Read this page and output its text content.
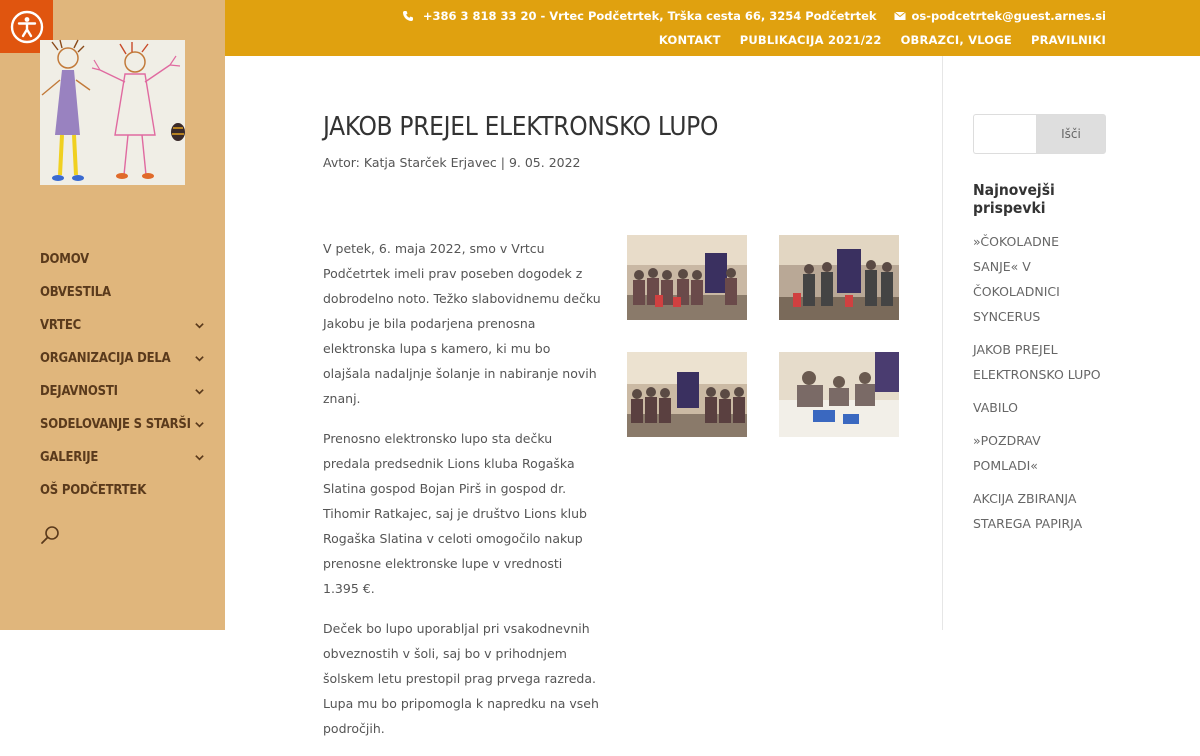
DOMOV
OBVESTILA
VRTEC
ORGANIZACIJA DELA
DEJAVNOSTI
SODELOVANJE S STARŠI
GALERIJE
OŠ PODČETRTEK
+386 3 818 33 20 - Vrtec Podčetrtek, Trška cesta 66, 3254 Podčetrtek	os-podcetrtek@guest.arnes.si
KONTAKT PUBLIKACIJA 2021/22 OBRAZCI, VLOGE PRAVILNIKI
JAKOB PREJEL ELEKTRONSKO LUPO
Avtor: Katja Starček Erjavec | 9. 05. 2022

V petek, 6. maja 2022, smo v Vrtcu Podčetrtek imeli prav poseben dogodek z dobrodelno noto. Težko slabovidnemu dečku Jakobu je bila podarjena prenosna elektronska lupa s kamero, ki mu bo olajšala nadaljnje šolanje in nabiranje novih znanj.

Prenosno elektronsko lupo sta dečku predala predsednik Lions kluba Rogaška Slatina gospod Bojan Pirš in gospod dr. Tihomir Ratkajec, saj je društvo Lions klub Rogaška Slatina v celoti omogočilo nakup prenosne elektronske lupe v vrednosti 1.395 €.

Deček bo lupo uporabljal pri vsakodnevnih obveznostih v šoli, saj bo v prihodnjem šolskem letu prestopil prag prvega razreda. Lupa mu bo pripomogla k napredku na vseh področjih.

Išči
Najnovejši prispevki
»ČOKOLADNE SANJE« V ČOKOLADNICI SYNCERUS
JAKOB PREJEL ELEKTRONSKO LUPO
VABILO
»POZDRAV POMLADI«
AKCIJA ZBIRANJA STAREGA PAPIRJA
